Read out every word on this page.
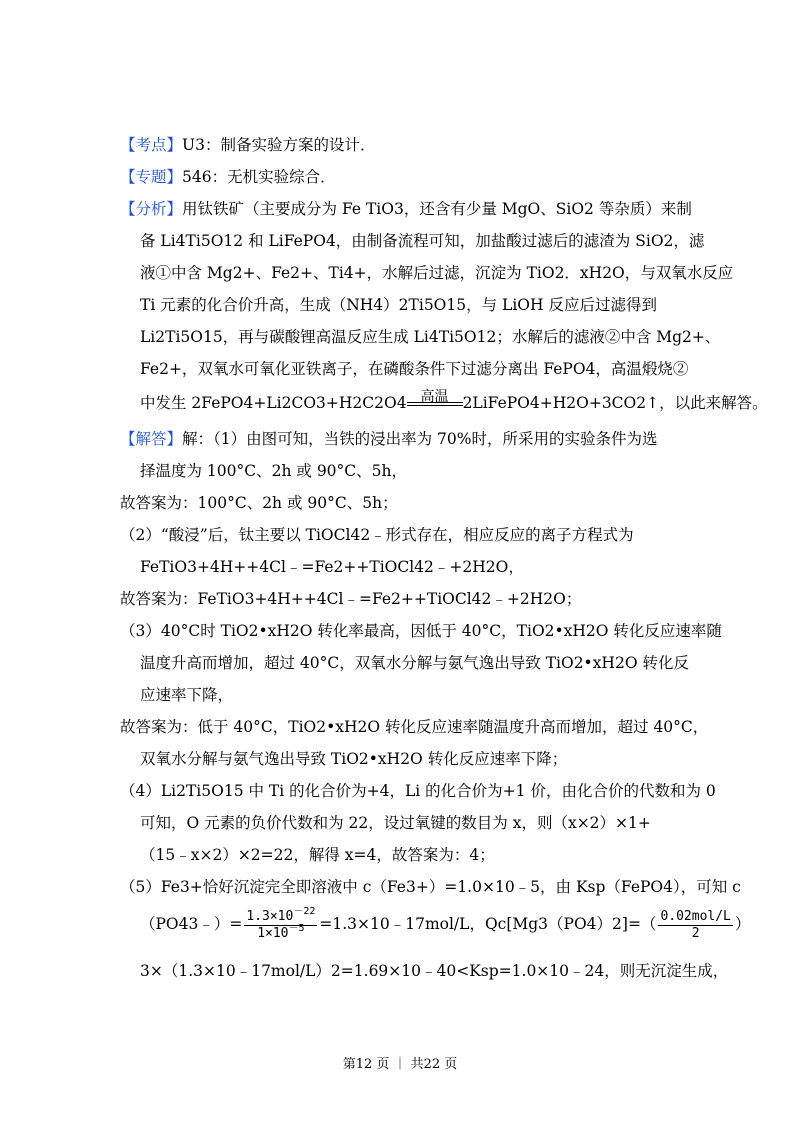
【考点】U3：制备实验方案的设计．
【专题】546：无机实验综合．
【分析】用钛铁矿（主要成分为 Fe TiO3，还含有少量 MgO、SiO2 等杂质）来制
备 Li4Ti5O12 和 LiFePO4，由制备流程可知，加盐酸过滤后的滤渣为 SiO2，滤
液①中含 Mg2+、Fe2+、Ti4+，水解后过滤，沉淀为 TiO2．xH2O，与双氧水反应
Ti 元素的化合价升高，生成（NH4）2Ti5O15，与 LiOH 反应后过滤得到
Li2Ti5O15，再与碳酸锂高温反应生成 Li4Ti5O12；水解后的滤液②中含 Mg2+、
Fe2+，双氧水可氧化亚铁离子，在磷酸条件下过滤分离出 FePO4，高温煅烧②
中发生 2FePO4+Li2CO3+H2C2O4	高温 2LiFePO4+H2O+3CO2↑，以此来解答。
【解答】解：（1）由图可知，当铁的浸出率为 70%时，所采用的实验条件为选
择温度为 100°C、2h 或 90°C、5h，
故答案为：100°C、2h 或 90°C、5h；
（2）“酸浸”后，钛主要以 TiOCl42﹣形式存在，相应反应的离子方程式为
FeTiO3+4H++4Cl﹣=Fe2++TiOCl42﹣+2H2O，
故答案为：FeTiO3+4H++4Cl﹣=Fe2++TiOCl42﹣+2H2O；
（3）40°C时 TiO2•xH2O 转化率最高，因低于 40°C，TiO2•xH2O 转化反应速率随
温度升高而增加，超过 40°C，双氧水分解与氨气逸出导致 TiO2•xH2O 转化反
应速率下降，
故答案为：低于 40°C，TiO2•xH2O 转化反应速率随温度升高而增加，超过 40°C，
双氧水分解与氨气逸出导致 TiO2•xH2O 转化反应速率下降；
（4）Li2Ti5O15 中 Ti 的化合价为+4，Li 的化合价为+1 价，由化合价的代数和为 0
可知，O 元素的负价代数和为 22，设过氧键的数目为 x，则（x×2）×1+
（15﹣x×2）×2=22，解得 x=4，故答案为：4；
（5）Fe3+恰好沉淀完全即溶液中 c（Fe3+）=1.0×10﹣5，由 Ksp（FePO4），可知 c
（PO43﹣）= $\frac{1.3\times 10^{-22}}{1\times 10^{-5}}$ =1.3×10﹣17mol/L，$Qc[Mg3(PO4)2]=( \frac{\text{0.02mol/L}}{2}$ ）
3×（1.3×10﹣17mol/L）2=1.69×10﹣40<Ksp=1.0×10﹣24，则无沉淀生成，
第12 页 ｜ 共22 页
